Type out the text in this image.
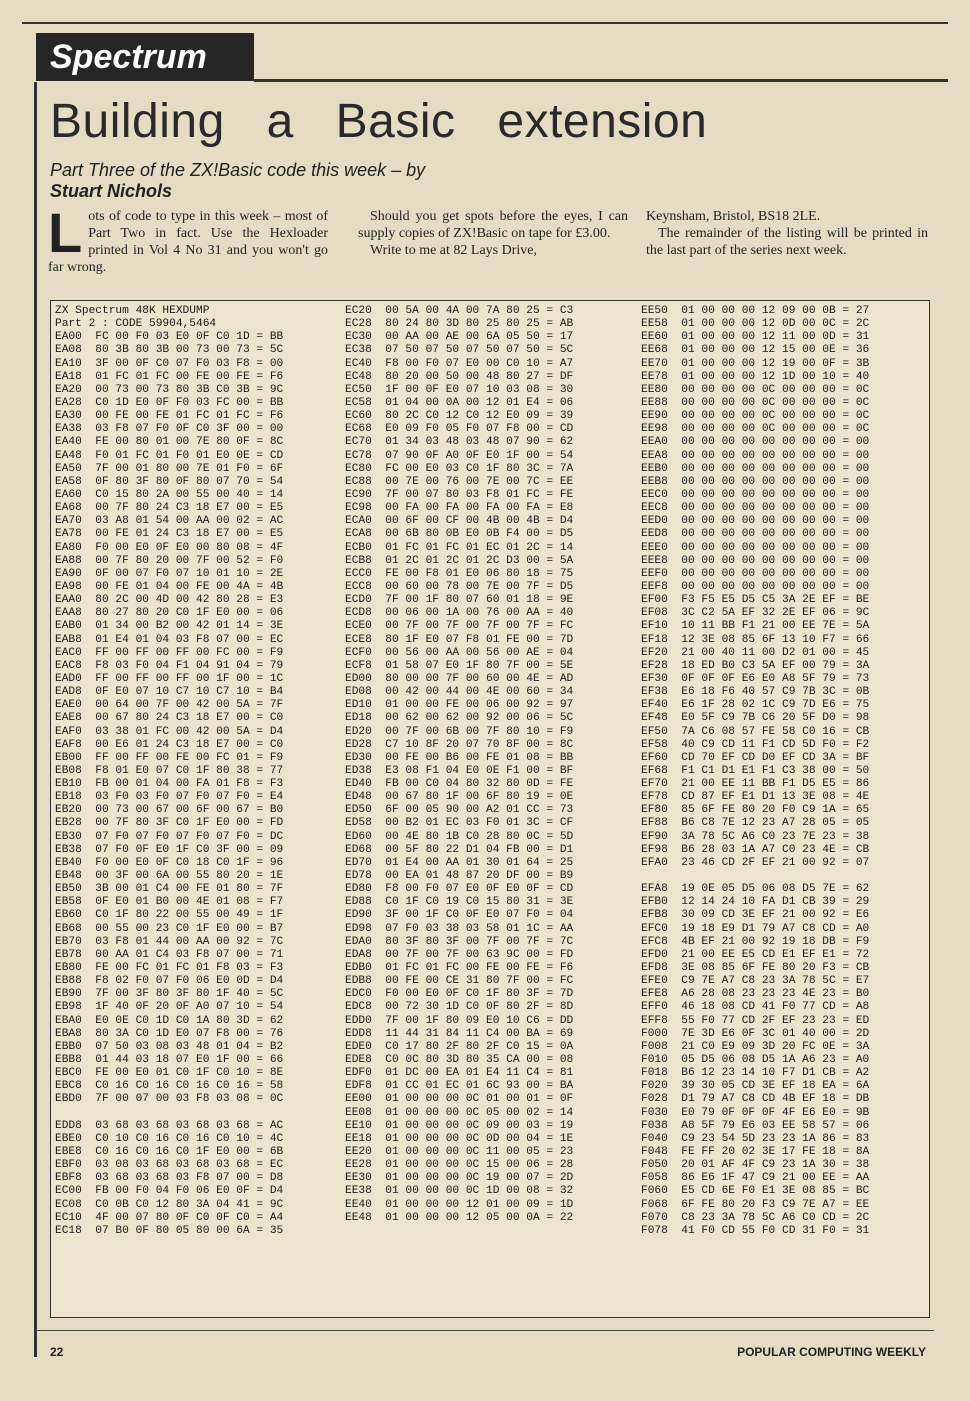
Spectrum
Building a Basic extension
Part Three of the ZX!Basic code this week – by
Stuart Nichols
L ots of code to type in this week – most of Part Two in fact. Use the Hexloader printed in Vol 4 No 31 and you won't go far wrong.

Should you get spots before the eyes, I can supply copies of ZX!Basic on tape for £3.00.

Write to me at 82 Lays Drive,

Keynsham, Bristol, BS18 2LE.

The remainder of the listing will be printed in the last part of the series next week.

ZX Spectrum 48K HEXDUMP
Part 2 : CODE 59904,5464
EA00  FC 00 F0 03 E0 0F C0 1D = BB
EA08  80 3B 80 3B 00 73 00 73 = 5C
EA10  3F 00 0F C0 07 F0 03 F8 = 00
EA18  01 FC 01 FC 00 FE 00 FE = F6
EA20  00 73 00 73 80 3B C0 3B = 9C
EA28  C0 1D E0 0F F0 03 FC 00 = BB
EA30  00 FE 00 FE 01 FC 01 FC = F6
EA38  03 F8 07 F0 0F C0 3F 00 = 00
EA40  FE 00 80 01 00 7E 80 0F = 8C
EA48  F0 01 FC 01 F0 01 E0 0E = CD
EA50  7F 00 01 80 00 7E 01 F0 = 6F
EA58  0F 80 3F 80 0F 80 07 70 = 54
EA60  C0 15 80 2A 00 55 00 40 = 14
EA68  00 7F 80 24 C3 18 E7 00 = E5
EA70  03 A8 01 54 00 AA 00 02 = AC
EA78  00 FE 01 24 C3 18 E7 00 = E5
EA80  F0 00 E0 0F E0 00 80 08 = 4F
EA88  00 7F 80 20 00 7F 00 52 = F0
EA90  0F 00 07 F0 07 10 01 10 = 2E
EA98  00 FE 01 04 00 FE 00 4A = 4B
EAA0  80 2C 00 4D 00 42 80 28 = E3
EAA8  80 27 80 20 C0 1F E0 00 = 06
EAB0  01 34 00 B2 00 42 01 14 = 3E
EAB8  01 E4 01 04 03 F8 07 00 = EC
EAC0  FF 00 FF 00 FF 00 FC 00 = F9
EAC8  F8 03 F0 04 F1 04 91 04 = 79
EAD0  FF 00 FF 00 FF 00 1F 00 = 1C
EAD8  0F E0 07 10 C7 10 C7 10 = B4
EAE0  00 64 00 7F 00 42 00 5A = 7F
EAE8  00 67 80 24 C3 18 E7 00 = C0
EAF0  03 38 01 FC 00 42 00 5A = D4
EAF8  00 E6 01 24 C3 18 E7 00 = C0
EB00  FF 00 FF 00 FE 00 FC 01 = F9
EB08  F8 01 E0 07 C0 1F 80 38 = 77
EB10  FB 00 01 04 00 FA 01 F8 = F3
EB18  03 F0 03 F0 07 F0 07 F0 = E4
EB20  00 73 00 67 00 6F 00 67 = B0
EB28  00 7F 80 3F C0 1F E0 00 = FD
EB30  07 F0 07 F0 07 F0 07 F0 = DC
EB38  07 F0 0F E0 1F C0 3F 00 = 09
EB40  F0 00 E0 0F C0 18 C0 1F = 96
EB48  00 3F 00 6A 00 55 80 20 = 1E
EB50  3B 00 01 C4 00 FE 01 80 = 7F
EB58  0F E0 01 B0 00 4E 01 08 = F7
EB60  C0 1F 80 22 00 55 00 49 = 1F
EB68  00 55 00 23 C0 1F E0 00 = B7
EB70  03 F8 01 44 00 AA 00 92 = 7C
EB78  00 AA 01 C4 03 F8 07 00 = 71
EB80  FE 00 FC 01 FC 01 F8 03 = F3
EB88  F8 02 F0 07 F0 06 E0 0D = D4
EB90  7F 00 3F 80 3F 80 1F 40 = 5C
EB98  1F 40 0F 20 0F A0 07 10 = 54
EBA0  E0 0E C0 1D C0 1A 80 3D = 62
EBA8  80 3A C0 1D E0 07 F8 00 = 76
EBB0  07 50 03 08 03 48 01 04 = B2
EBB8  01 44 03 18 07 E0 1F 00 = 66
EBC0  FE 00 E0 01 C0 1F C0 10 = 8E
EBC8  C0 16 C0 16 C0 16 C0 16 = 58
EBD0  7F 00 07 00 03 F8 03 08 = 0C
EDD8  03 68 03 68 03 68 03 68 = AC
EBE0  C0 10 C0 16 C0 16 C0 10 = 4C
EBE8  C0 16 C0 16 C0 1F E0 00 = 6B
EBF0  03 08 03 68 03 68 03 68 = EC
EBF8  03 68 03 68 03 F8 07 00 = D8
EC00  FB 00 F0 04 F0 06 E0 0F = D4
EC08  C0 0B C0 12 80 3A 04 41 = 9C
EC10  4F 00 07 80 0F C0 0F C0 = A4
EC18  07 B0 0F 80 05 80 00 6A = 35
EC20  00 5A 00 4A 00 7A 80 25 = C3
EC28  80 24 80 3D 80 25 80 25 = AB
EC30  00 AA 00 AE 00 6A 05 50 = 17
EC38  07 50 07 50 07 50 07 50 = 5C
EC40  F8 00 F0 07 E0 00 C0 10 = A7
EC48  80 20 00 50 00 48 80 27 = DF
EC50  1F 00 0F E0 07 10 03 08 = 30
EC58  01 04 00 0A 00 12 01 E4 = 06
EC60  80 2C C0 12 C0 12 E0 09 = 39
EC68  E0 09 F0 05 F0 07 F8 00 = CD
EC70  01 34 03 48 03 48 07 90 = 62
EC78  07 90 0F A0 0F E0 1F 00 = 54
EC80  FC 00 E0 03 C0 1F 80 3C = 7A
EC88  00 7E 00 76 00 7E 00 7C = EE
EC90  7F 00 07 80 03 F8 01 FC = FE
EC98  00 FA 00 FA 00 FA 00 FA = E8
ECA0  00 6F 00 CF 00 4B 00 4B = D4
ECA8  00 6B 80 0B E0 0B F4 00 = D5
ECB0  01 FC 01 FC 01 EC 01 2C = 14
ECB8  01 2C 01 2C 01 2C D3 00 = 5A
ECC0  FE 00 F8 01 E0 06 80 18 = 75
ECC8  00 60 00 78 00 7E 00 7F = D5
ECD0  7F 00 1F 80 07 60 01 18 = 9E
ECD8  00 06 00 1A 00 76 00 AA = 40
ECE0  00 7F 00 7F 00 7F 00 7F = FC
ECE8  80 1F E0 07 F8 01 FE 00 = 7D
ECF0  00 56 00 AA 00 56 00 AE = 04
ECF8  01 58 07 E0 1F 80 7F 00 = 5E
ED00  80 00 00 7F 00 60 00 4E = AD
ED08  00 42 00 44 00 4E 00 60 = 34
ED10  01 00 00 FE 00 06 00 92 = 97
ED18  00 62 00 62 00 92 00 06 = 5C
ED20  00 7F 00 6B 00 7F 80 10 = F9
ED28  C7 10 8F 20 07 70 8F 00 = 8C
ED30  00 FE 00 B6 00 FE 01 08 = BB
ED38  E3 08 F1 04 E0 0E F1 00 = BF
ED40  FB 00 C0 04 80 32 80 0D = FE
ED48  00 67 80 1F 00 6F 80 19 = 0E
ED50  6F 00 05 90 00 A2 01 CC = 73
ED58  00 B2 01 EC 03 F0 01 3C = CF
ED60  00 4E 80 1B C0 28 80 0C = 5D
ED68  00 5F 80 22 D1 04 FB 00 = D1
ED70  01 E4 00 AA 01 30 01 64 = 25
ED78  00 EA 01 48 87 20 DF 00 = B9
ED80  F8 00 F0 07 E0 0F E0 0F = CD
ED88  C0 1F C0 19 C0 15 80 31 = 3E
ED90  3F 00 1F C0 0F E0 07 F0 = 04
ED98  07 F0 03 38 03 58 01 1C = AA
EDA0  80 3F 80 3F 00 7F 00 7F = 7C
EDA8  00 7F 00 7F 00 63 9C 00 = FD
EDB0  01 FC 01 FC 00 FE 00 FE = F6
EDB8  00 FE 00 CE 31 80 7F 00 = FC
EDC0  F0 00 E0 0F C0 1F 80 3F = 7D
EDC8  00 72 30 1D C0 0F 80 2F = 8D
EDD0  7F 00 1F 80 09 E0 10 C6 = DD
EDD8  11 44 31 84 11 C4 00 BA = 69
EDE0  C0 17 80 2F 80 2F C0 15 = 0A
EDE8  C0 0C 80 3D 80 35 CA 00 = 08
EDF0  01 DC 00 EA 01 E4 11 C4 = 81
EDF8  01 CC 01 EC 01 6C 93 00 = BA
EE00  01 00 00 00 0C 01 00 01 = 0F
EE08  01 00 00 00 0C 05 00 02 = 14
EE10  01 00 00 00 0C 09 00 03 = 19
EE18  01 00 00 00 0C 0D 00 04 = 1E
EE20  01 00 00 00 0C 11 00 05 = 23
EE28  01 00 00 00 0C 15 00 06 = 28
EE30  01 00 00 00 0C 19 00 07 = 2D
EE38  01 00 00 00 0C 1D 00 08 = 32
EE40  01 00 00 00 12 01 00 09 = 1D
EE48  01 00 00 00 12 05 00 0A = 22
EE50  01 00 00 00 12 09 00 0B = 27
EE58  01 00 00 00 12 0D 00 0C = 2C
EE60  01 00 00 00 12 11 00 0D = 31
EE68  01 00 00 00 12 15 00 0E = 36
EE70  01 00 00 00 12 19 00 0F = 3B
EE78  01 00 00 00 12 1D 00 10 = 40
EE80  00 00 00 00 0C 00 00 00 = 0C
EE88  00 00 00 00 0C 00 00 00 = 0C
EE90  00 00 00 00 0C 00 00 00 = 0C
EE98  00 00 00 00 0C 00 00 00 = 0C
EEA0  00 00 00 00 00 00 00 00 = 00
EEA8  00 00 00 00 00 00 00 00 = 00
EEB0  00 00 00 00 00 00 00 00 = 00
EEB8  00 00 00 00 00 00 00 00 = 00
EEC0  00 00 00 00 00 00 00 00 = 00
EEC8  00 00 00 00 00 00 00 00 = 00
EED0  00 00 00 00 00 00 00 00 = 00
EED8  00 00 00 00 00 00 00 00 = 00
EEE0  00 00 00 00 00 00 00 00 = 00
EEE8  00 00 00 00 00 00 00 00 = 00
EEF0  00 00 00 00 00 00 00 00 = 00
EEF8  00 00 00 00 00 00 00 00 = 00
EF00  F3 F5 E5 D5 C5 3A 2E EF = BE
EF08  3C C2 5A EF 32 2E EF 06 = 9C
EF10  10 11 BB F1 21 00 EE 7E = 5A
EF18  12 3E 08 85 6F 13 10 F7 = 66
EF20  21 00 40 11 00 D2 01 00 = 45
EF28  18 ED B0 C3 5A EF 00 79 = 3A
EF30  0F 0F 0F E6 E0 A8 5F 79 = 73
EF38  E6 18 F6 40 57 C9 7B 3C = 0B
EF40  E6 1F 28 02 1C C9 7D E6 = 75
EF48  E0 5F C9 7B C6 20 5F D0 = 98
EF50  7A C6 08 57 FE 58 C0 16 = CB
EF58  40 C9 CD 11 F1 CD 5D F0 = F2
EF60  CD 70 EF CD D0 EF CD 3A = BF
EF68  F1 C1 D1 E1 F1 C3 38 00 = 50
EF70  21 00 EE 11 BB F1 D5 E5 = 86
EF78  CD 87 EF E1 D1 13 3E 08 = 4E
EF80  85 6F FE 80 20 F0 C9 1A = 65
EF88  B6 C8 7E 12 23 A7 28 05 = 05
EF90  3A 78 5C A6 C0 23 7E 23 = 38
EF98  B6 28 03 1A A7 C0 23 4E = CB
EFA0  23 46 CD 2F EF 21 00 92 = 07
EFA8  19 0E 05 D5 06 08 D5 7E = 62
EFB0  12 14 24 10 FA D1 CB 39 = 29
EFB8  30 09 CD 3E EF 21 00 92 = E6
EFC0  19 18 E9 D1 79 A7 C8 CD = A0
EFC8  4B EF 21 00 92 19 18 DB = F9
EFD0  21 00 EE E5 CD E1 EF E1 = 72
EFD8  3E 08 85 6F FE 80 20 F3 = CB
EFE0  C9 7E A7 C8 23 3A 78 5C = E7
EFE8  A6 28 08 23 23 23 4E 23 = B0
EFF0  46 18 08 CD 41 F0 77 CD = A8
EFF8  55 F0 77 CD 2F EF 23 23 = ED
F000  7E 3D E6 0F 3C 01 40 00 = 2D
F008  21 C0 E9 09 3D 20 FC 0E = 3A
F010  05 D5 06 08 D5 1A A6 23 = A0
F018  B6 12 23 14 10 F7 D1 CB = A2
F020  39 30 05 CD 3E EF 18 EA = 6A
F028  D1 79 A7 C8 CD 4B EF 18 = DB
F030  E0 79 0F 0F 0F 4F E6 E0 = 9B
F038  A8 5F 79 E6 03 EE 58 57 = 06
F040  C9 23 54 5D 23 23 1A 86 = 83
F048  FE FF 20 02 3E 17 FE 18 = 8A
F050  20 01 AF 4F C9 23 1A 30 = 38
F058  86 E6 1F 47 C9 21 00 EE = AA
F060  E5 CD 6E F0 E1 3E 08 85 = BC
F068  6F FE 80 20 F3 C9 7E A7 = EE
F070  C8 23 3A 78 5C A6 C0 CD = 2C
F078  41 F0 CD 55 F0 CD 31 F0 = 31
22	POPULAR COMPUTING WEEKLY
